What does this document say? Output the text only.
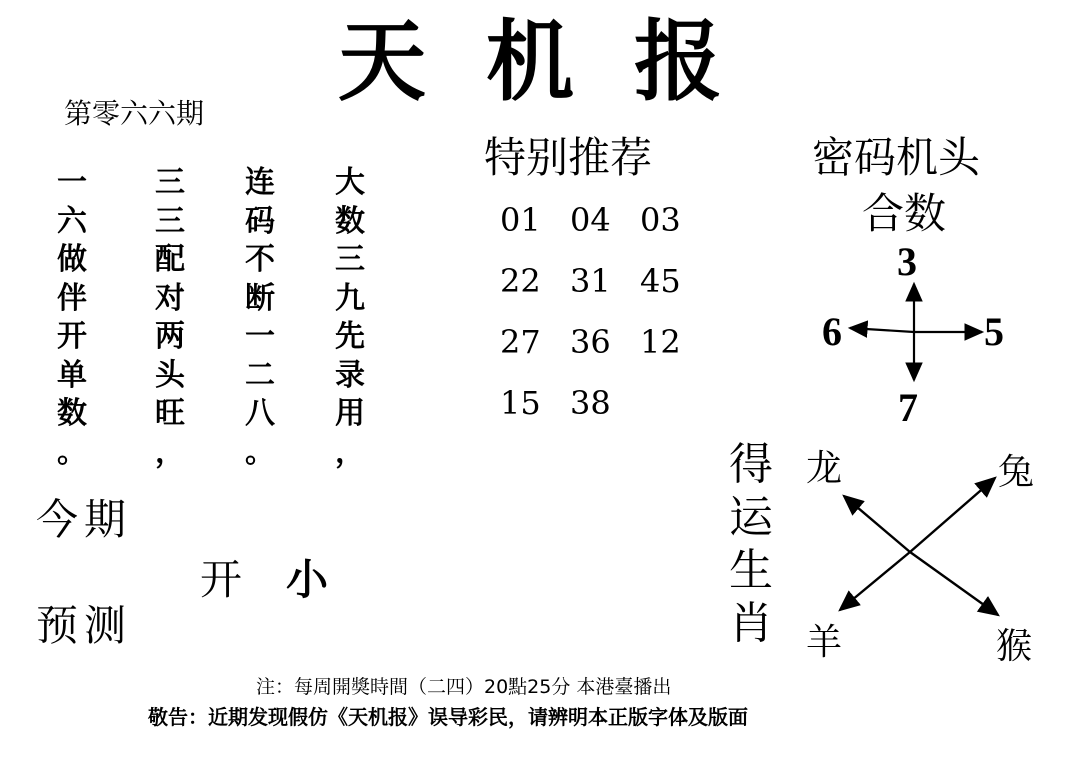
天机报
第零六六期
一
六
做
伴
开
单
数
。
三
三
配
对
两
头
旺
，
连
码
不
断
一
二
八
。
大
数
三
九
先
录
用
，
特别推荐
01 04 03
22 31 45
27 36 12
15 38
密码机头
合数
3
6	5
7
今期
预测
开 小
得
运
生
肖
龙	兔
羊	猴
注：每周開獎時間（二四）20點25分 本港臺播出
敬告：近期发现假仿《天机报》误导彩民，请辨明本正版字体及版面
